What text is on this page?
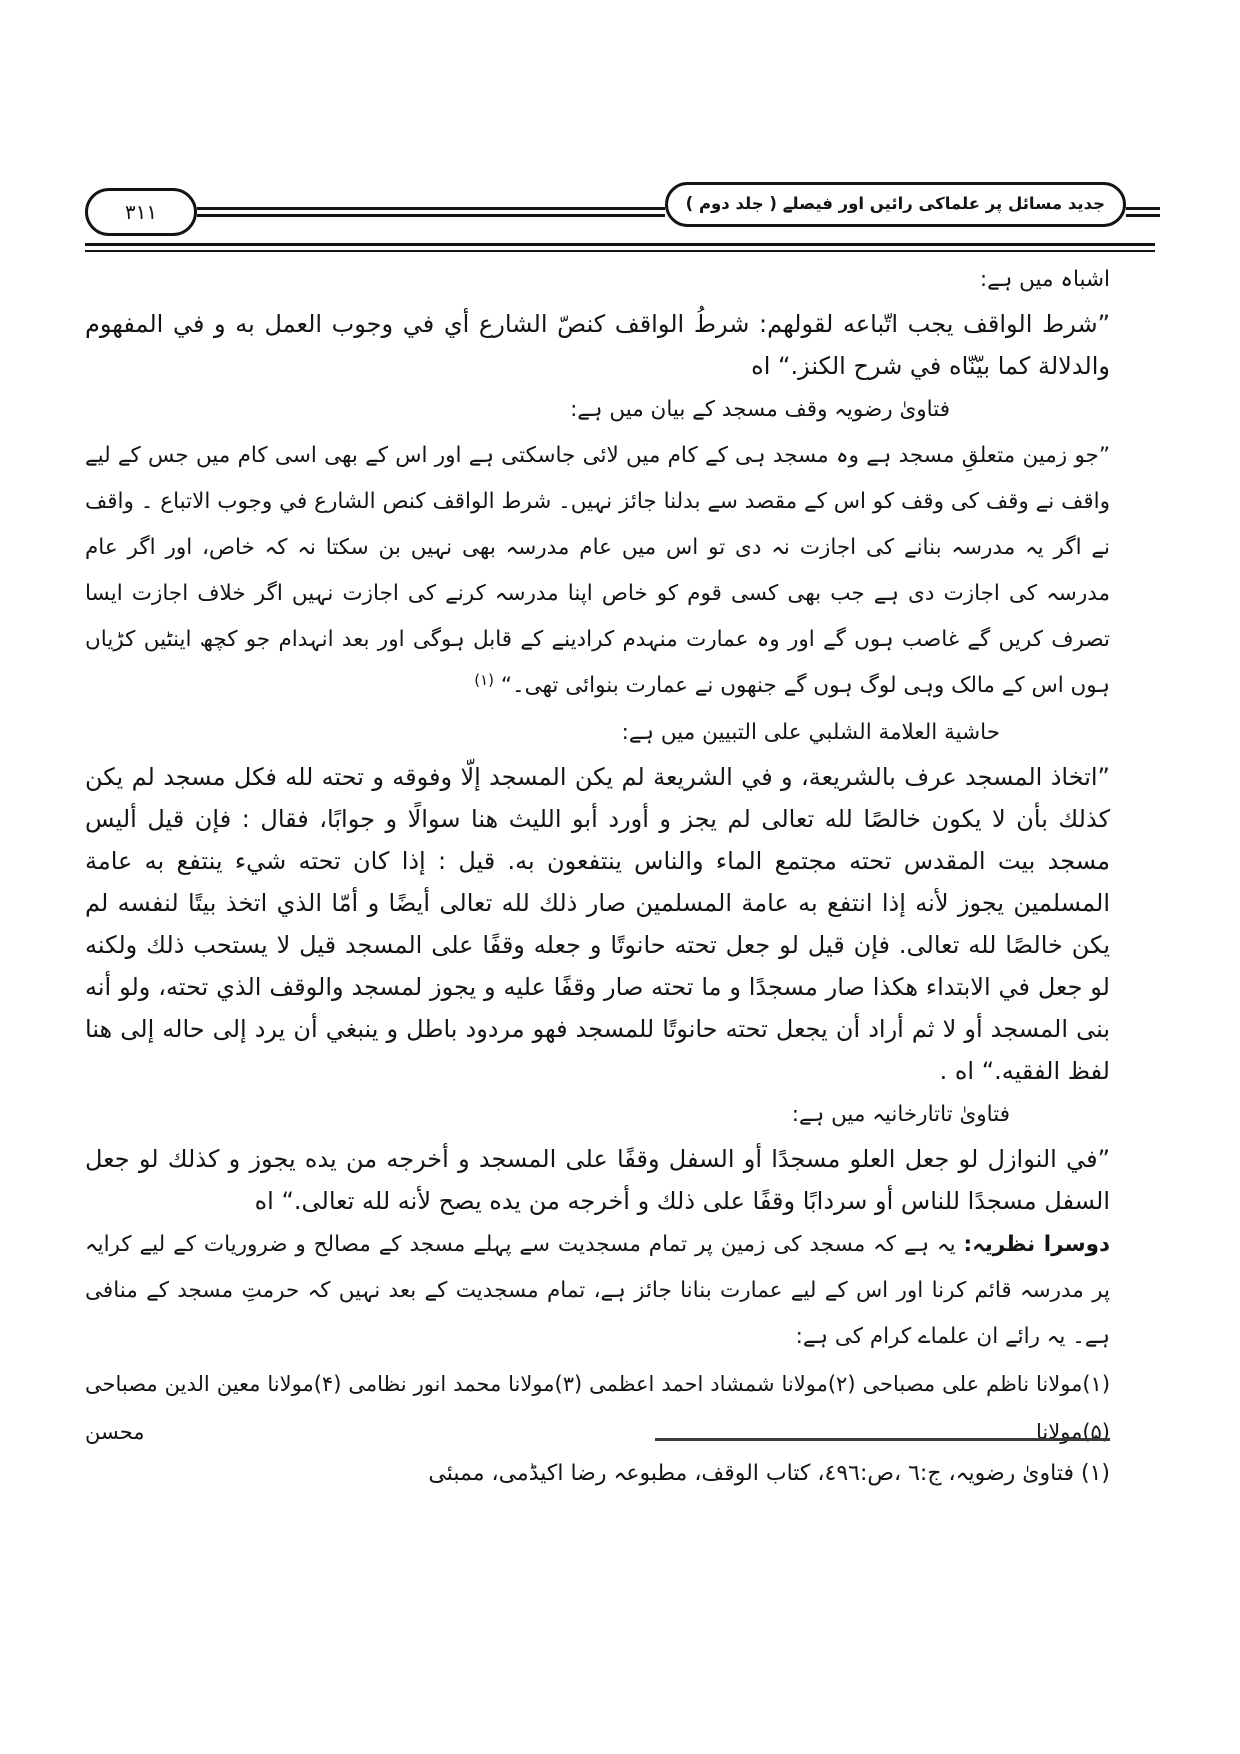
۳۱۱	جدید مسائل پر علماکی رائیں اور فیصلے ( جلد دوم )

اشباہ میں ہے:

”شرط الواقف يجب اتّباعه لقولهم: شرطُ الواقف كنصّ الشارع أي في وجوب العمل به و في المفهوم والدلالة كما بيّنّاه في شرح الكنز.“ اه

فتاویٰ رضویہ وقف مسجد کے بیان میں ہے:

”جو زمین متعلقِ مسجد ہے وہ مسجد ہی کے کام میں لائی جاسکتی ہے اور اس کے بھی اسی کام میں جس کے لیے واقف نے وقف کی وقف کو اس کے مقصد سے بدلنا جائز نہیں۔ شرط الواقف كنص الشارع في وجوب الاتباع ۔ واقف نے اگر یہ مدرسہ بنانے کی اجازت نہ دی تو اس میں عام مدرسہ بھی نہیں بن سکتا نہ کہ خاص، اور اگر عام مدرسہ کی اجازت دی ہے جب بھی کسی قوم کو خاص اپنا مدرسہ کرنے کی اجازت نہیں اگر خلاف اجازت ایسا تصرف کریں گے غاصب ہوں گے اور وہ عمارت منہدم کرادینے کے قابل ہوگی اور بعد انہدام جو کچھ اینٹیں کڑیاں ہوں اس کے مالک وہی لوگ ہوں گے جنھوں نے عمارت بنوائی تھی۔“ $^{(۱)}$

حاشية العلامة الشلبي على التبيين میں ہے:

”اتخاذ المسجد عرف بالشريعة، و في الشريعة لم يكن المسجد إلّا وفوقه و تحته لله فكل مسجد لم يكن كذلك بأن لا يكون خالصًا لله تعالى لم يجز و أورد أبو الليث هنا سوالًا و جوابًا، فقال : فإن قيل أليس مسجد بيت المقدس تحته مجتمع الماء والناس ينتفعون به. قيل : إذا كان تحته شيء ينتفع به عامة المسلمين يجوز لأنه إذا انتفع به عامة المسلمين صار ذلك لله تعالى أيضًا و أمّا الذي اتخذ بيتًا لنفسه لم يكن خالصًا لله تعالى. فإن قيل لو جعل تحته حانوتًا و جعله وقفًا على المسجد قيل لا يستحب ذلك ولكنه لو جعل في الابتداء هكذا صار مسجدًا و ما تحته صار وقفًا عليه و يجوز لمسجد والوقف الذي تحته، ولو أنه بنى المسجد أو لا ثم أراد أن يجعل تحته حانوتًا للمسجد فهو مردود باطل و ينبغي أن يرد إلى حاله إلى هنا لفظ الفقيه.“ اه .

فتاویٰ تاتارخانیہ میں ہے:

”في النوازل لو جعل العلو مسجدًا أو السفل وقفًا على المسجد و أخرجه من يده يجوز و كذلك لو جعل السفل مسجدًا للناس أو سردابًا وقفًا على ذلك و أخرجه من يده يصح لأنه لله تعالى.“ اه

دوسرا نظریہ: یہ ہے کہ مسجد کی زمین پر تمام مسجدیت سے پہلے مسجد کے مصالح و ضروریات کے لیے کرایہ پر مدرسہ قائم کرنا اور اس کے لیے عمارت بنانا جائز ہے، تمام مسجدیت کے بعد نہیں کہ حرمتِ مسجد کے منافی ہے۔ یہ رائے ان علماے کرام کی ہے:

(۱)مولانا ناظم علی مصباحی (۲)مولانا شمشاد احمد اعظمی (۳)مولانا محمد انور نظامی (۴)مولانا معین الدین مصباحی (۵)مولانا محسن

(۱) فتاویٰ رضویہ، ج:٦ ،ص:٤٩٦، کتاب الوقف، مطبوعہ رضا اکیڈمی، ممبئی
